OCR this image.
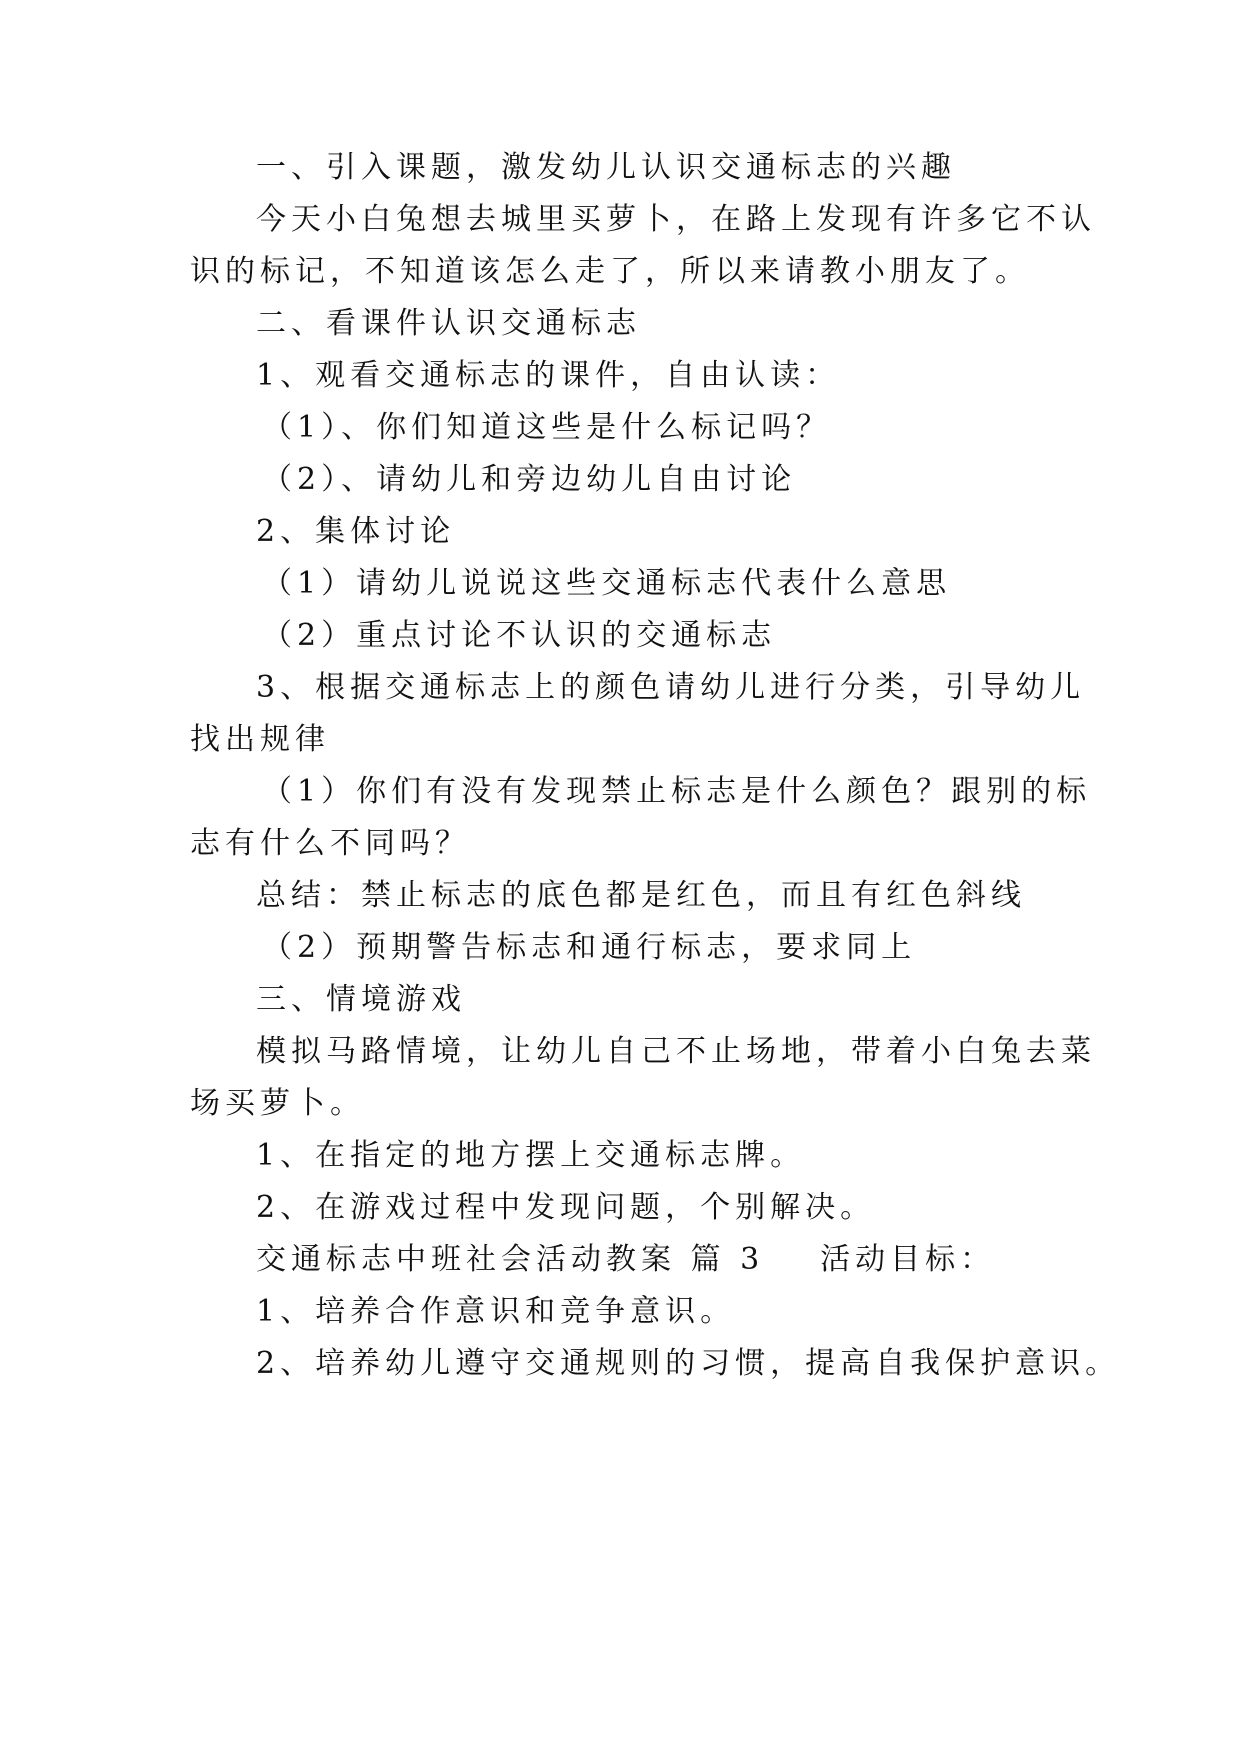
一、引入课题，激发幼儿认识交通标志的兴趣
今天小白兔想去城里买萝卜，在路上发现有许多它不认
识的标记，不知道该怎么走了，所以来请教小朋友了。
二、看课件认识交通标志
1、观看交通标志的课件，自由认读：
（1）、你们知道这些是什么标记吗？
（2）、请幼儿和旁边幼儿自由讨论
2、集体讨论
（1）请幼儿说说这些交通标志代表什么意思
（2）重点讨论不认识的交通标志
3、根据交通标志上的颜色请幼儿进行分类，引导幼儿
找出规律
（1）你们有没有发现禁止标志是什么颜色？跟别的标
志有什么不同吗？
总结：禁止标志的底色都是红色，而且有红色斜线
（2）预期警告标志和通行标志，要求同上
三、情境游戏
模拟马路情境，让幼儿自己不止场地，带着小白兔去菜
场买萝卜。
1、在指定的地方摆上交通标志牌。
2、在游戏过程中发现问题，个别解决。
交通标志中班社会活动教案 篇 3 活动目标：
1、培养合作意识和竞争意识。
2、培养幼儿遵守交通规则的习惯，提高自我保护意识。
